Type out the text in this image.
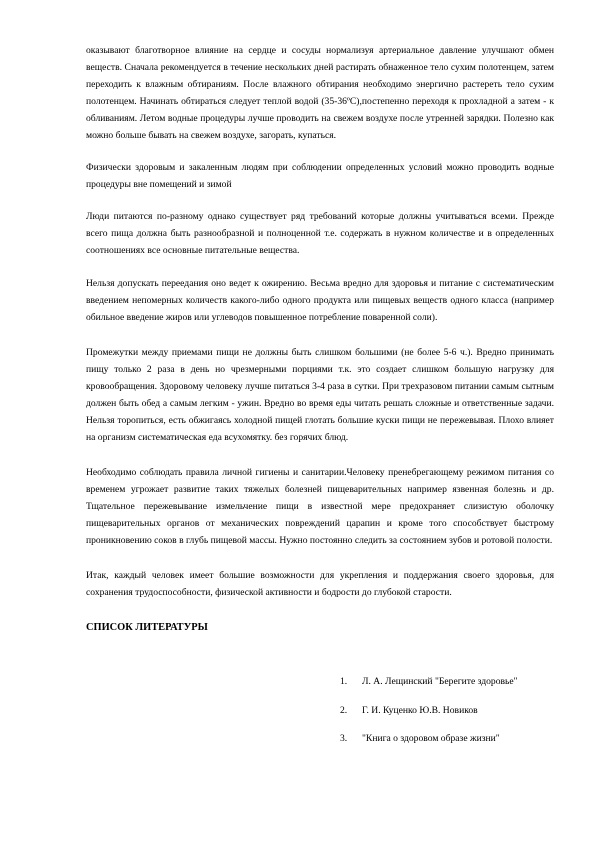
оказывают благотворное влияние на сердце и сосуды нормализуя артериальное давление улучшают обмен веществ. Сначала рекомендуется в течение нескольких дней растирать обнаженное тело сухим полотенцем, затем переходить к влажным обтираниям. После влажного обтирания необходимо энергично растереть тело сухим полотенцем. Начинать обтираться следует теплой водой (35-36ºС),постепенно переходя к прохладной а затем - к обливаниям. Летом водные процедуры лучше проводить на свежем воздухе после утренней зарядки. Полезно как можно больше бывать на свежем воздухе, загорать, купаться.

Физически здоровым и закаленным людям при соблюдении определенных условий можно проводить водные процедуры вне помещений и зимой

Люди питаются по-разному однако существует ряд требований которые должны учитываться всеми. Прежде всего пища должна быть разнообразной и полноценной т.е. содержать в нужном количестве и в определенных соотношениях все основные питательные вещества.

Нельзя допускать переедания оно ведет к ожирению. Весьма вредно для здоровья и питание с систематическим введением непомерных количеств какого-либо одного продукта или пищевых веществ одного класса (например обильное введение жиров или углеводов повышенное потребление поваренной соли).

Промежутки между приемами пищи не должны быть слишком большими (не более 5-6 ч.). Вредно принимать пищу только 2 раза в день но чрезмерными порциями т.к. это создает слишком большую нагрузку для кровообращения. Здоровому человеку лучше питаться 3-4 раза в сутки. При трехразовом питании самым сытным должен быть обед а самым легким - ужин. Вредно во время еды читать решать сложные и ответственные задачи. Нельзя торопиться, есть обжигаясь холодной пищей глотать большие куски пищи не пережевывая. Плохо влияет на организм систематическая еда всухомятку. без горячих блюд.

Необходимо соблюдать правила личной гигиены и санитарии.Человеку пренебрегающему режимом питания со временем угрожает развитие таких тяжелых болезней пищеварительных например язвенная болезнь и др. Тщательное пережевывание измельчение пищи в известной мере предохраняет слизистую оболочку пищеварительных органов от механических повреждений царапин и кроме того способствует быстрому проникновению соков в глубь пищевой массы. Нужно постоянно следить за состоянием зубов и ротовой полости.

Итак, каждый человек имеет большие возможности для укрепления и поддержания своего здоровья, для сохранения трудоспособности, физической активности и бодрости до глубокой старости.

СПИСОК ЛИТЕРАТУРЫ
1.	Л. А. Лещинский "Берегите здоровье"
2.	Г. И. Куценко Ю.В. Новиков
3.	"Книга о здоровом образе жизни"
